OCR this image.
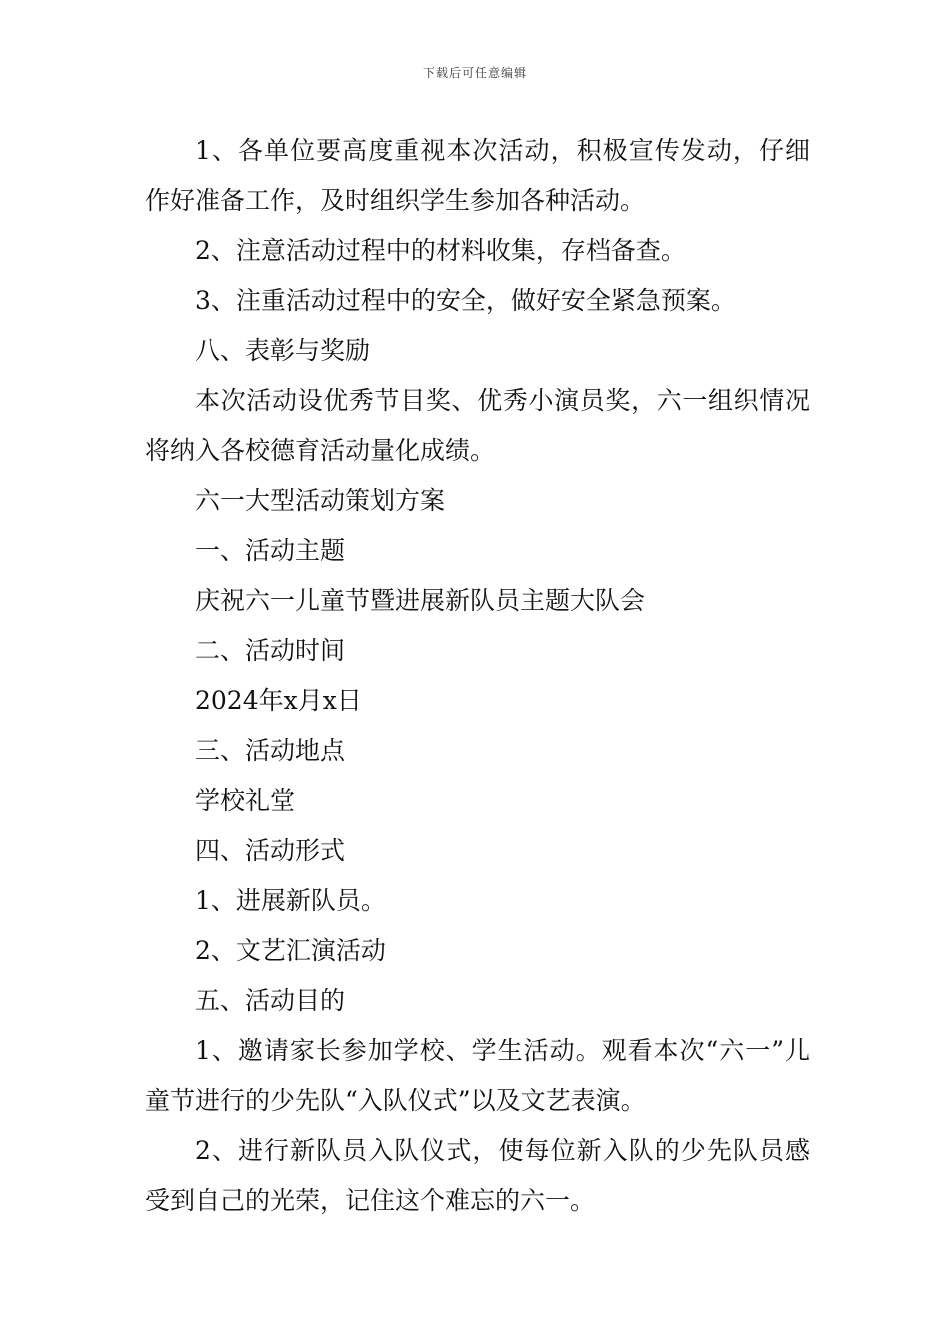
下载后可任意编辑

1、各单位要高度重视本次活动，积极宣传发动，仔细作好准备工作，及时组织学生参加各种活动。

2、注意活动过程中的材料收集，存档备查。

3、注重活动过程中的安全，做好安全紧急预案。

八、表彰与奖励

本次活动设优秀节目奖、优秀小演员奖，六一组织情况将纳入各校德育活动量化成绩。

六一大型活动策划方案

一、活动主题

庆祝六一儿童节暨进展新队员主题大队会

二、活动时间

2024年x月x日

三、活动地点

学校礼堂

四、活动形式

1、进展新队员。

2、文艺汇演活动

五、活动目的

1、邀请家长参加学校、学生活动。观看本次“六一”儿童节进行的少先队“入队仪式”以及文艺表演。

2、进行新队员入队仪式，使每位新入队的少先队员感受到自己的光荣，记住这个难忘的六一。
